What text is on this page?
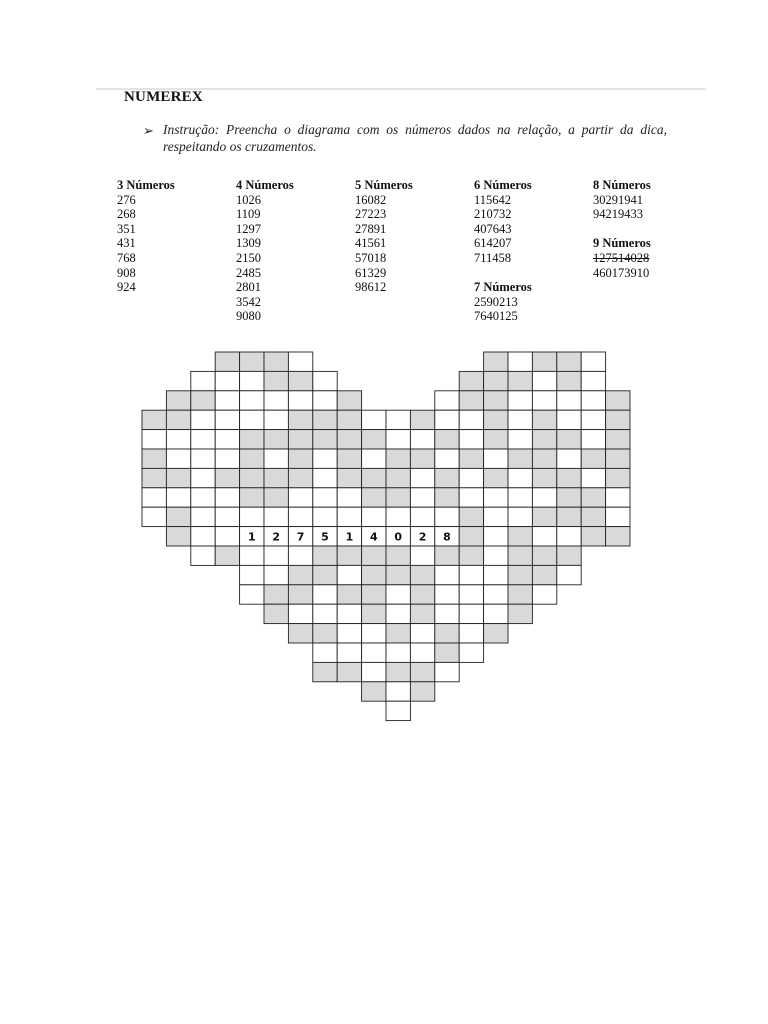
NUMEREX
➢ Instrução: Preencha o diagrama com os números dados na relação, a partir da dica, respeitando os cruzamentos.
3 Números
276
268
351
431
768
908
924
4 Números
1026
1109
1297
1309
2150
2485
2801
3542
9080
5 Números
16082
27223
27891
41561
57018
61329
98612
6 Números
115642
210732
407643
614207
711458
7 Números
2590213
7640125
8 Números
30291941
94219433
9 Números
127514028
460173910
1 2 7 5 1 4 0 2 8
